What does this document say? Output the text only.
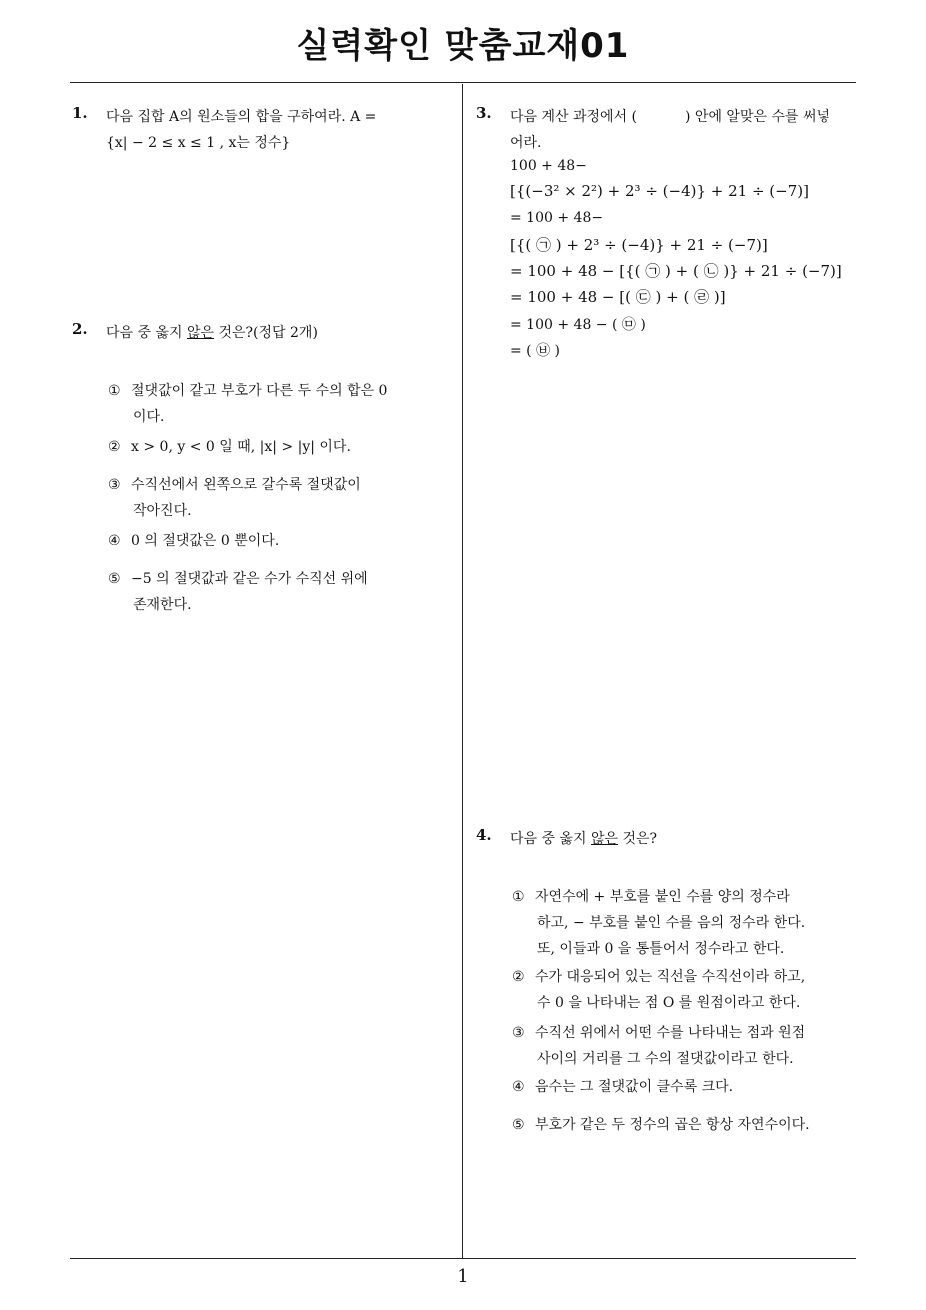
실력확인 맞춤교재01
1
1. 다음 집합 A의 원소들의 합을 구하여라. A =
{x| − 2 ≤ x ≤ 1 , x는 정수}
2. 다음 중 옳지 않은 것은?(정답 2개)
① 절댓값이 같고 부호가 다른 두 수의 합은 0
이다.
② x > 0, y < 0 일 때, |x| > |y| 이다.
③ 수직선에서 왼쪽으로 갈수록 절댓값이
작아진다.
④ 0 의 절댓값은 0 뿐이다.
⑤ −5 의 절댓값과 같은 수가 수직선 위에
존재한다.
3. 다음 계산 과정에서 (	) 안에 알맞은 수를 써넣
어라.
100 + 48−
[{(−3² × 2²) + 2³ ÷ (−4)} + 21 ÷ (−7)]
= 100 + 48−
[{( ㉠ ) + 2³ ÷ (−4)} + 21 ÷ (−7)]
= 100 + 48 − [{( ㉠ ) + ( ㉡ )} + 21 ÷ (−7)]
= 100 + 48 − [( ㉢ ) + ( ㉣ )]
= 100 + 48 − ( ㉤ )
= ( ㉥ )
4. 다음 중 옳지 않은 것은?
① 자연수에 + 부호를 붙인 수를 양의 정수라
하고, − 부호를 붙인 수를 음의 정수라 한다.
또, 이들과 0 을 통틀어서 정수라고 한다.
② 수가 대응되어 있는 직선을 수직선이라 하고,
수 0 을 나타내는 점 O 를 원점이라고 한다.
③ 수직선 위에서 어떤 수를 나타내는 점과 원점
사이의 거리를 그 수의 절댓값이라고 한다.
④ 음수는 그 절댓값이 클수록 크다.
⑤ 부호가 같은 두 정수의 곱은 항상 자연수이다.
